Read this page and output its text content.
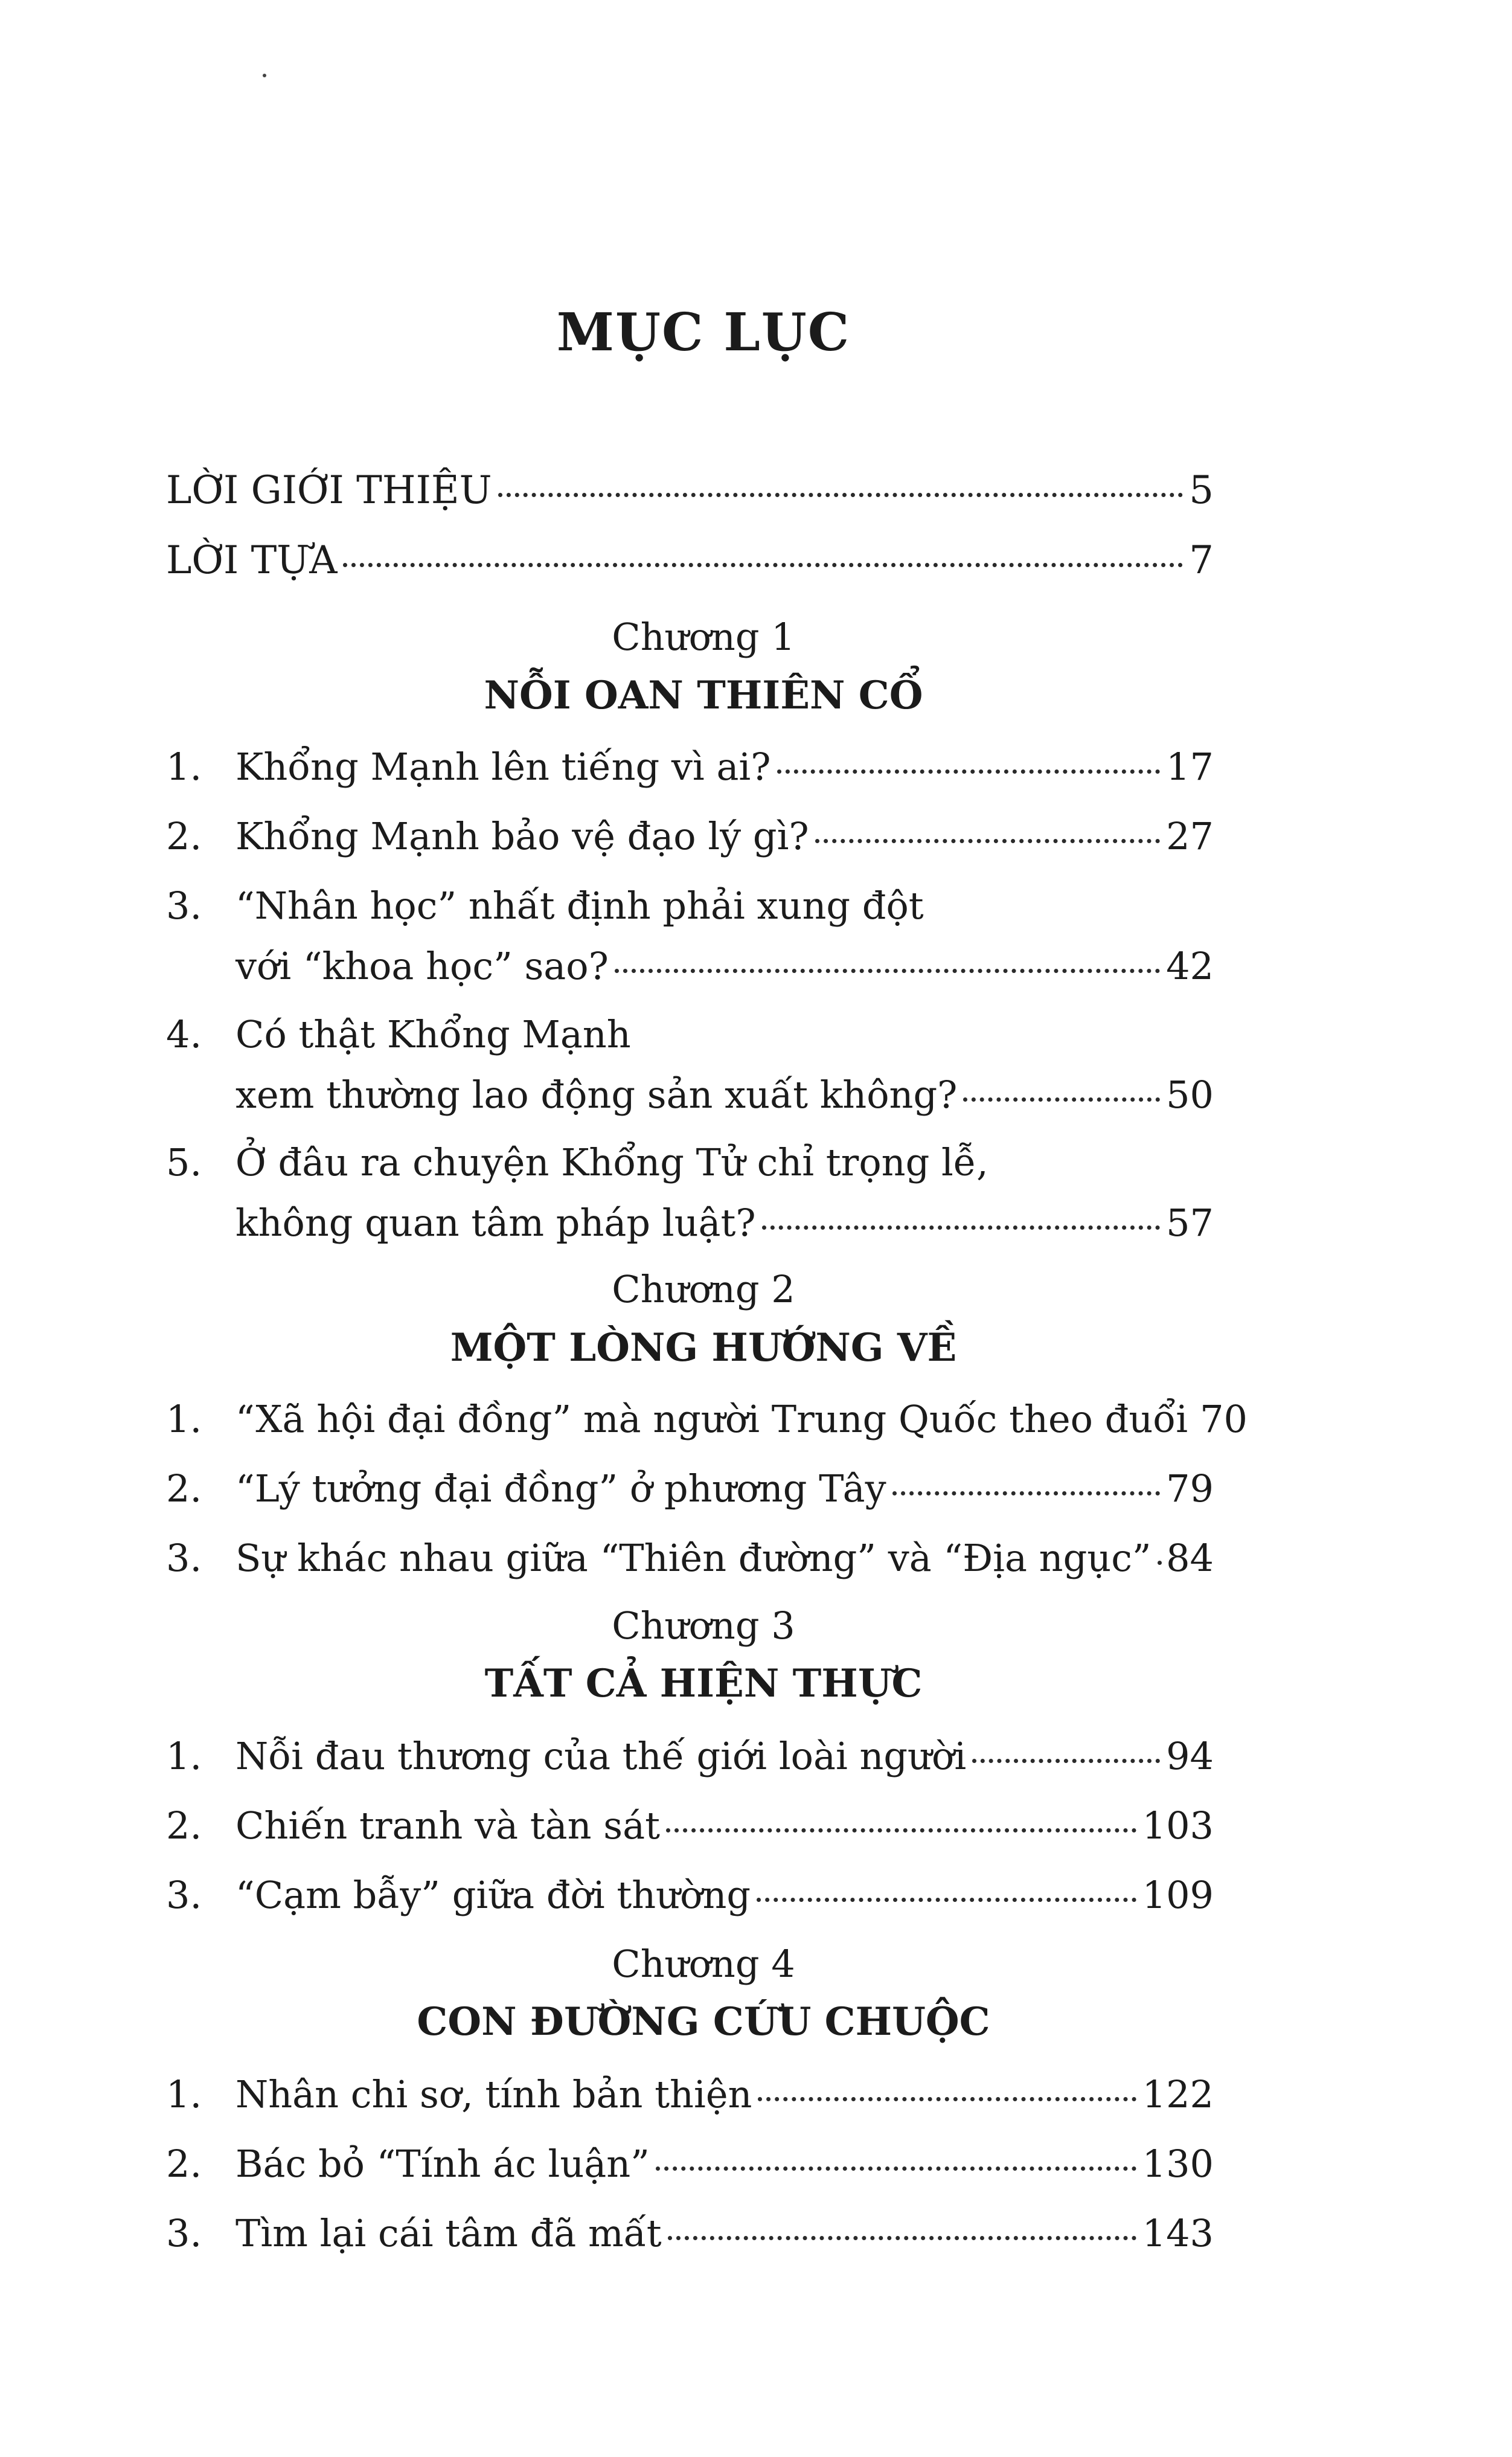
MỤC LỤC
LỜI GIỚI THIỆU	5
LỜI TỰA	7
Chương 1
NỖI OAN THIÊN CỔ
1. Khổng Mạnh lên tiếng vì ai?	17
2. Khổng Mạnh bảo vệ đạo lý gì?	27
3. “Nhân học” nhất định phải xung đột
với “khoa học” sao?	42
4. Có thật Khổng Mạnh
xem thường lao động sản xuất không?	50
5. Ở đâu ra chuyện Khổng Tử chỉ trọng lễ,
không quan tâm pháp luật?	57
Chương 2
MỘT LÒNG HƯỚNG VỀ
1. “Xã hội đại đồng” mà người Trung Quốc theo đuổi 70
2. “Lý tưởng đại đồng” ở phương Tây	79
3. Sự khác nhau giữa “Thiên đường” và “Địa ngục” 84
Chương 3
TẤT CẢ HIỆN THỰC
1. Nỗi đau thương của thế giới loài người	94
2. Chiến tranh và tàn sát	103
3. “Cạm bẫy” giữa đời thường	109
Chương 4
CON ĐƯỜNG CỨU CHUỘC
1. Nhân chi sơ, tính bản thiện	122
2. Bác bỏ “Tính ác luận”	130
3. Tìm lại cái tâm đã mất	143
